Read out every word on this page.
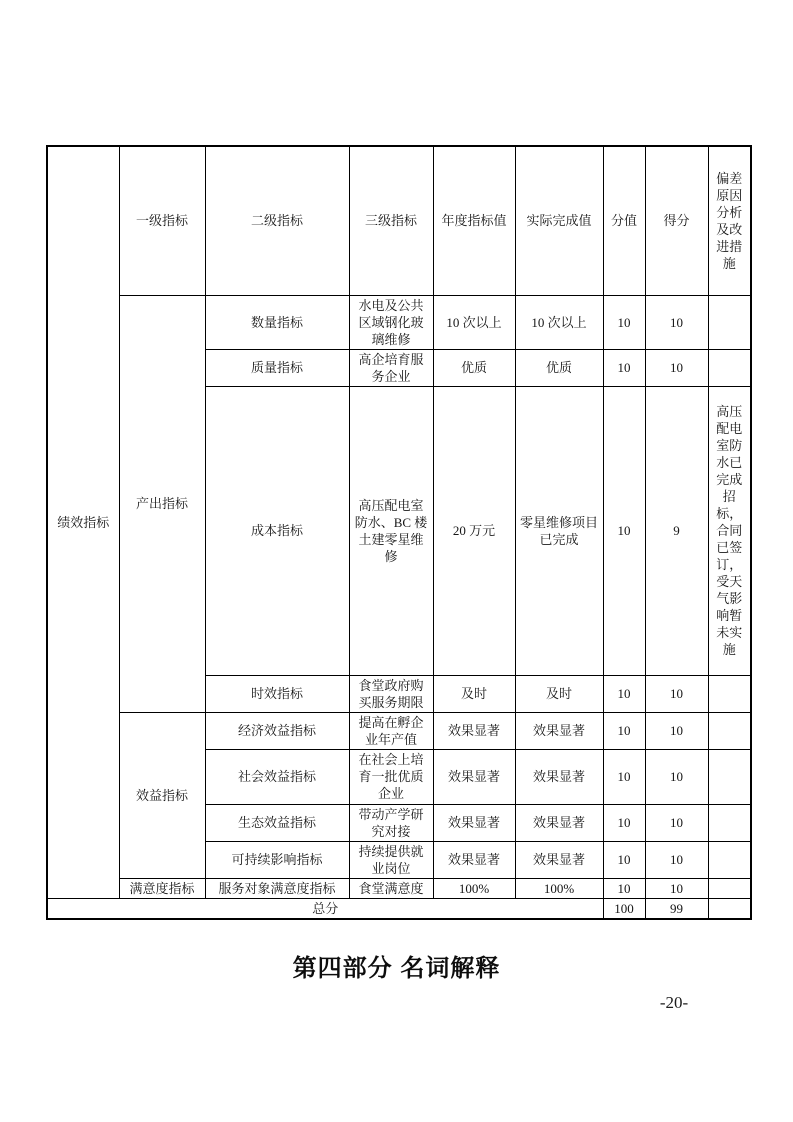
绩效指标	一级指标	二级指标	三级指标	年度指标值	实际完成值	分值	得分	偏差原因分析及改进措施
	产出指标	数量指标	水电及公共区域钢化玻璃维修	10 次以上	10 次以上	10	10	
		质量指标	高企培育服务企业	优质	优质	10	10	
		成本指标	高压配电室防水、BC 楼土建零星维修	20 万元	零星维修项目已完成	10	9	高压配电室防水已完成招标，合同已签订，受天气影响暂未实施
		时效指标	食堂政府购买服务期限	及时	及时	10	10	
	效益指标	经济效益指标	提高在孵企业年产值	效果显著	效果显著	10	10	
		社会效益指标	在社会上培育一批优质企业	效果显著	效果显著	10	10	
		生态效益指标	带动产学研究对接	效果显著	效果显著	10	10	
		可持续影响指标	持续提供就业岗位	效果显著	效果显著	10	10	
	满意度指标	服务对象满意度指标	食堂满意度	100%	100%	10	10	
总分						100	99	
第四部分 名词解释
-20-
